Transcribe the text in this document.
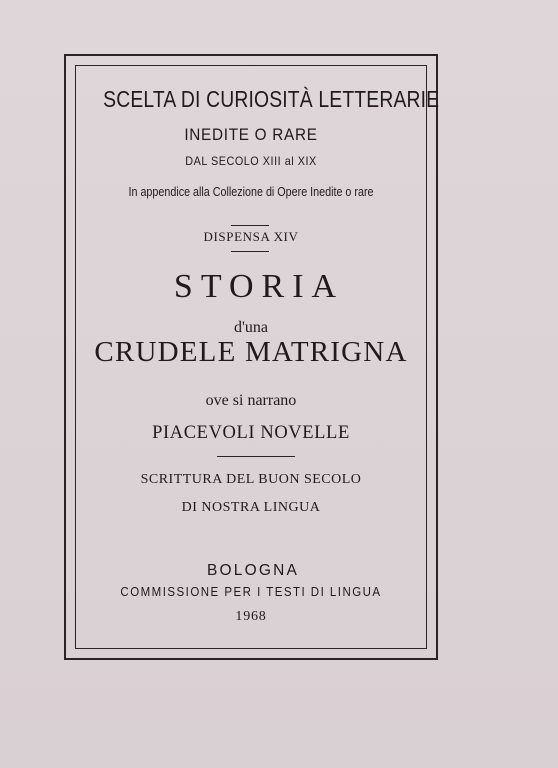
SCELTA DI CURIOSITÀ LETTERARIE
INEDITE O RARE
DAL SECOLO XIII al XIX
In appendice alla Collezione di Opere Inedite o rare
DISPENSA XIV
STORIA
d'una
CRUDELE MATRIGNA
ove si narrano
PIACEVOLI NOVELLE
SCRITTURA DEL BUON SECOLO
DI NOSTRA LINGUA
BOLOGNA
COMMISSIONE PER I TESTI DI LINGUA
1968
